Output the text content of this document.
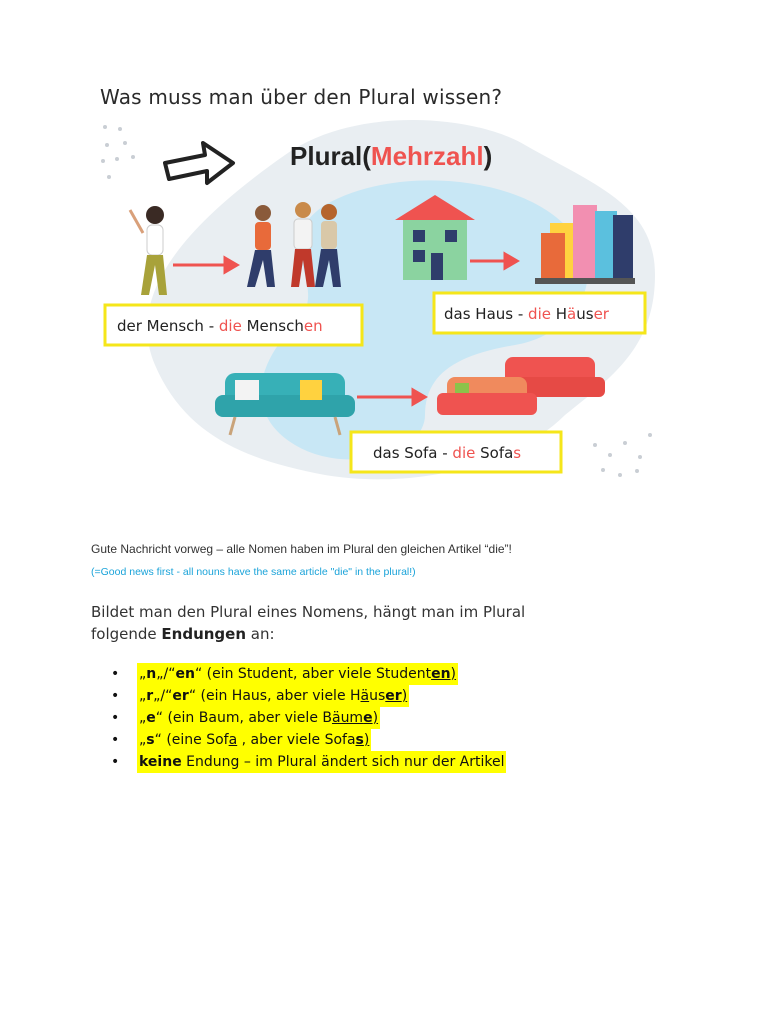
Was muss man über den Plural wissen?
Plural(Mehrzahl)
der Mensch - die Menschen
das Haus - die Häuser
das Sofa - die Sofas
Gute Nachricht vorweg – alle Nomen haben im Plural den gleichen Artikel “die”!
(=Good news first - all nouns have the same article "die" in the plural!)
Bildet man den Plural eines Nomens, hängt man im Plural folgende Endungen an:
•	„n„/“en“ (ein Student, aber viele Studenten)
•	„r„/“er“ (ein Haus, aber viele Häuser)
•	„e“ (ein Baum, aber viele Bäume)
•	„s“ (eine Sofa , aber viele Sofas)
•	keine Endung – im Plural ändert sich nur der Artikel
